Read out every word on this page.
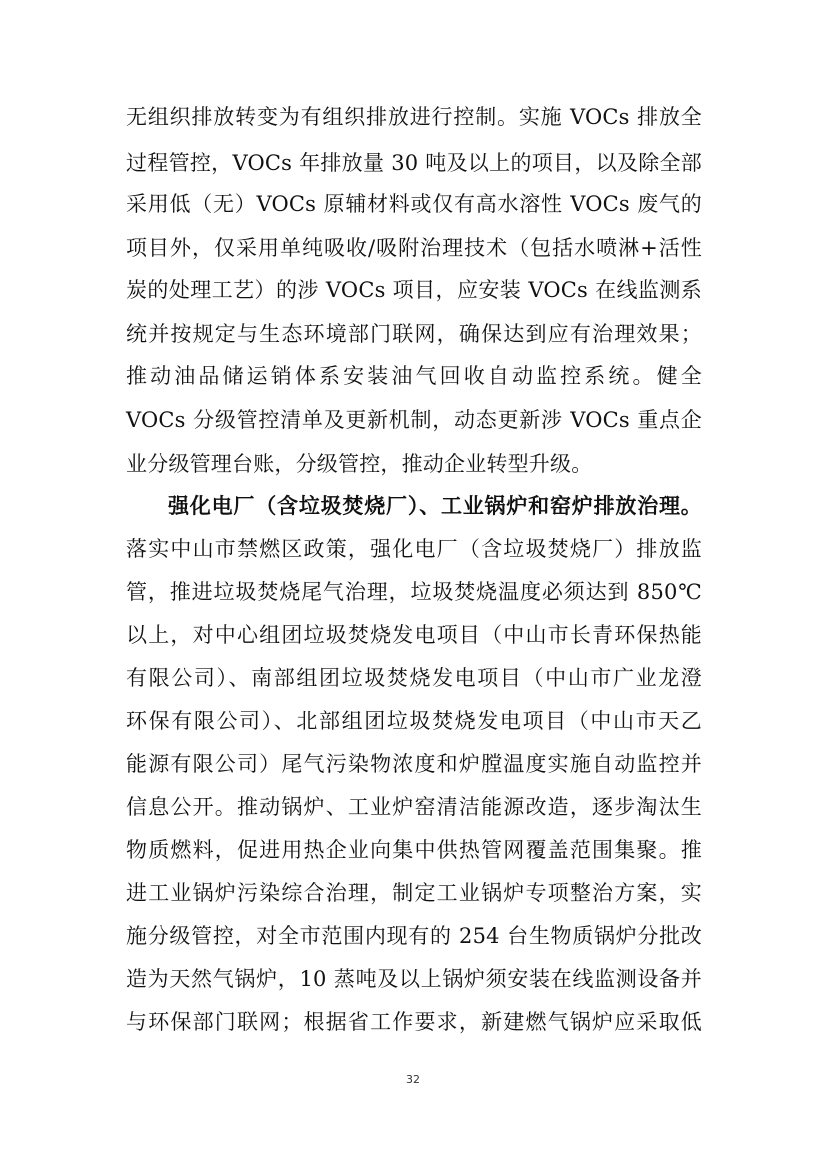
无组织排放转变为有组织排放进行控制。实施 VOCs 排放全
过程管控，VOCs 年排放量 30 吨及以上的项目，以及除全部
采用低（无）VOCs 原辅材料或仅有高水溶性 VOCs 废气的
项目外，仅采用单纯吸收/吸附治理技术（包括水喷淋+活性
炭的处理工艺）的涉 VOCs 项目，应安装 VOCs 在线监测系
统并按规定与生态环境部门联网，确保达到应有治理效果；
推动油品储运销体系安装油气回收自动监控系统。健全
VOCs 分级管控清单及更新机制，动态更新涉 VOCs 重点企
业分级管理台账，分级管控，推动企业转型升级。
强化电厂（含垃圾焚烧厂）、工业锅炉和窑炉排放治理。
落实中山市禁燃区政策，强化电厂（含垃圾焚烧厂）排放监
管，推进垃圾焚烧尾气治理，垃圾焚烧温度必须达到 850℃
以上，对中心组团垃圾焚烧发电项目（中山市长青环保热能
有限公司）、南部组团垃圾焚烧发电项目（中山市广业龙澄
环保有限公司）、北部组团垃圾焚烧发电项目（中山市天乙
能源有限公司）尾气污染物浓度和炉膛温度实施自动监控并
信息公开。推动锅炉、工业炉窑清洁能源改造，逐步淘汰生
物质燃料，促进用热企业向集中供热管网覆盖范围集聚。推
进工业锅炉污染综合治理，制定工业锅炉专项整治方案，实
施分级管控，对全市范围内现有的 254 台生物质锅炉分批改
造为天然气锅炉，10 蒸吨及以上锅炉须安装在线监测设备并
与环保部门联网；根据省工作要求，新建燃气锅炉应采取低
32
